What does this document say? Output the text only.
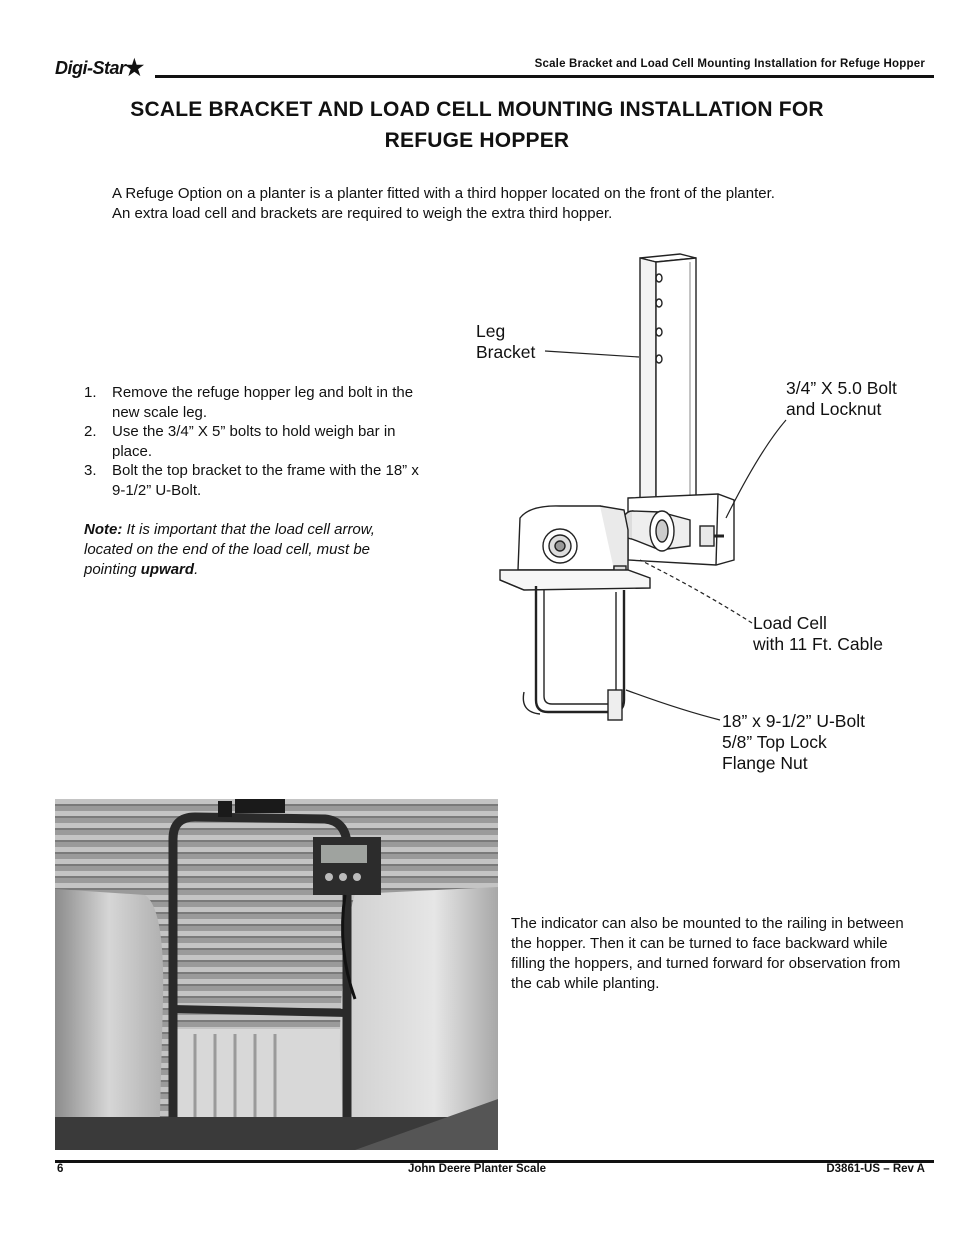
Digi-Star★	Scale Bracket and Load Cell Mounting Installation for Refuge Hopper
SCALE BRACKET AND LOAD CELL MOUNTING INSTALLATION FOR
REFUGE HOPPER
A Refuge Option on a planter is a planter fitted with a third hopper located on the front of the planter.
An extra load cell and brackets are required to weigh the extra third hopper.
1. Remove the refuge hopper leg and bolt in the new scale leg.
2. Use the 3/4” X 5” bolts to hold weigh bar in place.
3. Bolt the top bracket to the frame with the 18” x 9-1/2” U-Bolt.
Note: It is important that the load cell arrow, located on the end of the load cell, must be pointing upward.
Leg
Bracket
3/4” X 5.0 Bolt
and Locknut
Load Cell
with 11 Ft. Cable
18” x 9-1/2” U-Bolt
5/8” Top Lock
Flange Nut
The indicator can also be mounted to the railing in between the hopper. Then it can be turned to face backward while filling the hoppers, and turned forward for observation from the cab while planting.
6	John Deere Planter Scale	D3861-US – Rev A
